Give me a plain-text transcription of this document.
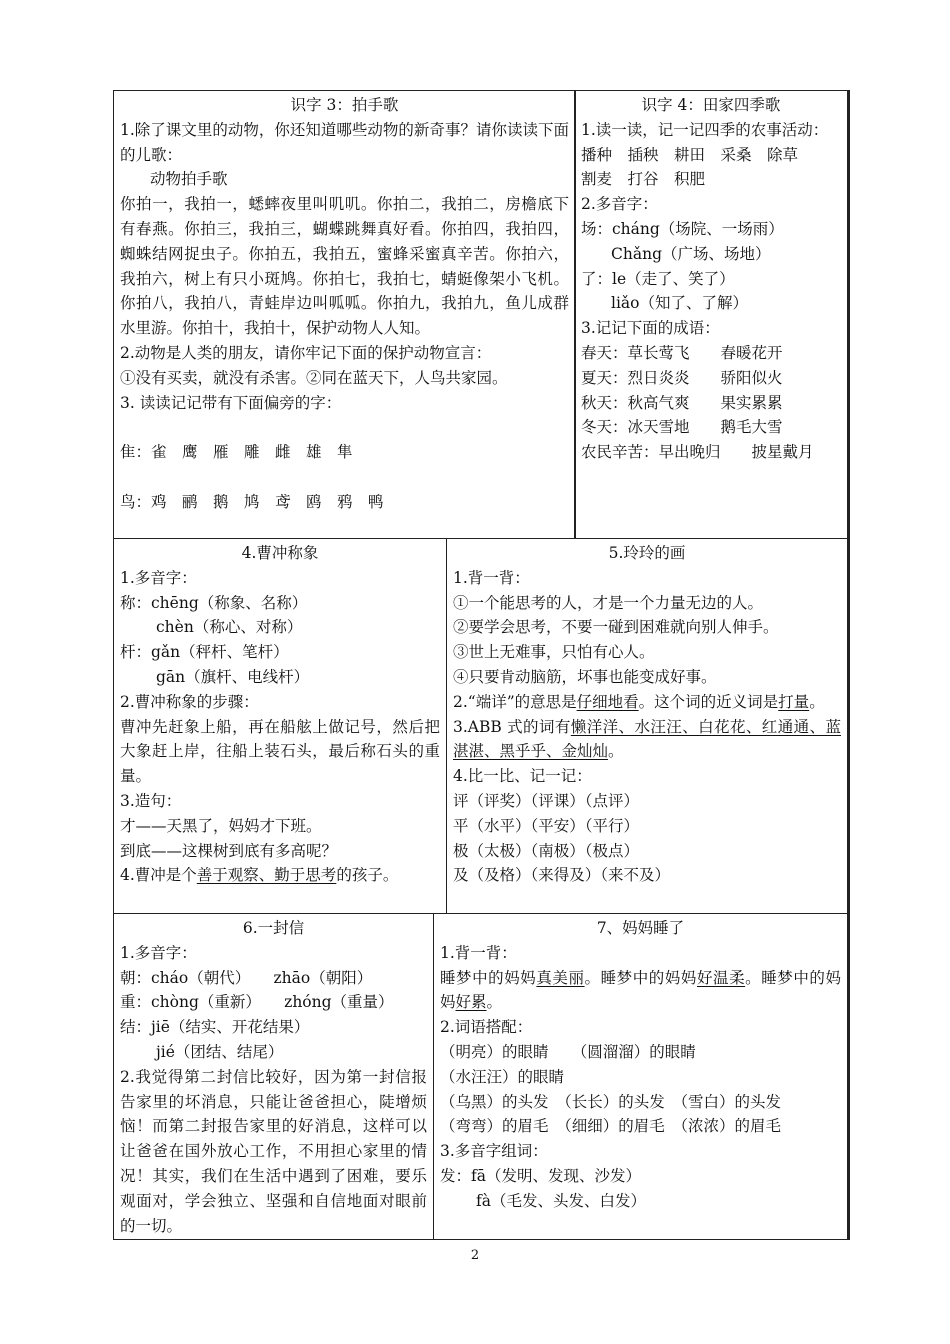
识字 3：拍手歌
1.除了课文里的动物，你还知道哪些动物的新奇事？请你读读下面的儿歌：
动物拍手歌
你拍一，我拍一，蟋蟀夜里叫叽叽。你拍二，我拍二，房檐底下有春燕。你拍三，我拍三，蝴蝶跳舞真好看。你拍四，我拍四，蜘蛛结网捉虫子。你拍五，我拍五，蜜蜂采蜜真辛苦。你拍六，我拍六，树上有只小斑鸠。你拍七，我拍七，蜻蜓像架小飞机。你拍八，我拍八，青蛙岸边叫呱呱。你拍九，我拍九，鱼儿成群水里游。你拍十，我拍十，保护动物人人知。
2.动物是人类的朋友，请你牢记下面的保护动物宣言：
①没有买卖，就没有杀害。②同在蓝天下，人鸟共家园。
3. 读读记记带有下面偏旁的字：
隹：雀　鹰　雁　雕　雌　雄　隼
鸟：鸡　鹂　鹅　鸠　鸢　鸥　鸦　鸭
识字 4：田家四季歌
1.读一读，记一记四季的农事活动：
播种　插秧　耕田　采桑　除草
割麦　打谷　积肥
2.多音字：
场：cháng（场院、一场雨）
Chǎng（广场、场地）
了：le（走了、笑了）
liǎo（知了、了解）
3.记记下面的成语：
春天：草长莺飞　　春暖花开
夏天：烈日炎炎　　骄阳似火
秋天：秋高气爽　　果实累累
冬天：冰天雪地　　鹅毛大雪
农民辛苦：早出晚归　　披星戴月
4.曹冲称象
1.多音字：
称：chēng（称象、名称）
chèn（称心、对称）
杆：gǎn（秤杆、笔杆）
gān（旗杆、电线杆）
2.曹冲称象的步骤：
曹冲先赶象上船，再在船舷上做记号，然后把大象赶上岸，往船上装石头，最后称石头的重量。
3.造句：
才——天黑了，妈妈才下班。
到底——这棵树到底有多高呢？
4.曹冲是个善于观察、勤于思考的孩子。
5.玲玲的画
1.背一背：
①一个能思考的人，才是一个力量无边的人。
②要学会思考，不要一碰到困难就向别人伸手。
③世上无难事，只怕有心人。
④只要肯动脑筋，坏事也能变成好事。
2.“端详”的意思是仔细地看。这个词的近义词是打量。
3.ABB 式的词有懒洋洋、水汪汪、白花花、红通通、蓝湛湛、黑乎乎、金灿灿。
4.比一比、记一记：
评（评奖）（评课）（点评）
平（水平）（平安）（平行）
极（太极）（南极）（极点）
及（及格）（来得及）（来不及）
6.一封信
1.多音字：
朝：cháo（朝代）　　zhāo（朝阳）
重：chòng（重新）　　zhóng（重量）
结：jiē（结实、开花结果）
jié（团结、结尾）
2.我觉得第二封信比较好，因为第一封信报告家里的坏消息，只能让爸爸担心，陡增烦恼！而第二封报告家里的好消息，这样可以让爸爸在国外放心工作，不用担心家里的情况！其实，我们在生活中遇到了困难，要乐观面对，学会独立、坚强和自信地面对眼前的一切。
7、妈妈睡了
1.背一背：
睡梦中的妈妈真美丽。睡梦中的妈妈好温柔。睡梦中的妈妈好累。
2.词语搭配：
（明亮）的眼睛　　（圆溜溜）的眼睛
（水汪汪）的眼睛
（乌黑）的头发　（长长）的头发　（雪白）的头发
（弯弯）的眉毛　（细细）的眉毛　（浓浓）的眉毛
3.多音字组词：
发：fā（发明、发现、沙发）
fà（毛发、头发、白发）
2
